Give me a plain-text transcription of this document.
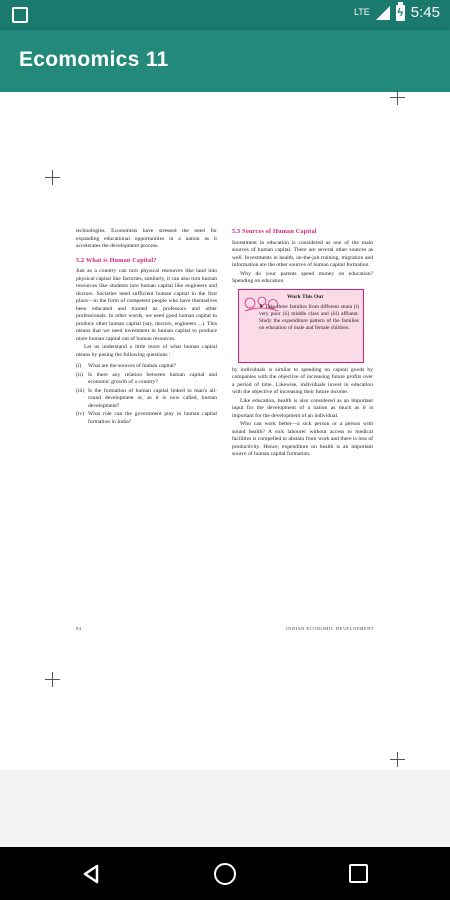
LTE	ϟ 5:45
Ecomomics 11

technologies. Economists have stressed the need for expanding educational opportunities in a nation as it accelerates the development process.

5.2 What is Human Capital?

Just as a country can turn physical resources like land into physical capital like factories, similarly, it can also turn human resources like students into human capital like engineers and doctors. Societies need sufficient human capital in the first place—in the form of competent people who have themselves been educated and trained as professors and other professionals. In other words, we need good human capital to produce other human capital (say, doctors, engineers ...). This means that we need investment in human capital to produce more human capital out of human resources.

Let us understand a little more of what human capital means by posing the following questions :

(i)	What are the sources of human capital?
(ii) Is there any relation between human capital and economic growth of a country?
(iii) Is the formation of human capital linked to man's all-round development or, as it is now called, human development?
(iv) What role can the government play in human capital formation in India?
5.3 Sources of Human Capital

Investment in education is considered as one of the main sources of human capital. There are several other sources as well. Investments in health, on-the-job training, migration and information are the other sources of human capital formation.

Why do your parents spend money on education? Spending on education

Work This Out
➤ Take three families from different strata (i) very poor (ii) middle class and (iii) affluent. Study the expenditure pattern of the families on education of male and female children.

by individuals is similar to spending on capital goods by companies with the objective of increasing future profits over a period of time. Likewise, individuals invest in education with the objective of increasing their future income.

Like education, health is also considered as an important input for the development of a nation as much as it is important for the development of an individual.

Who can work better—a sick person or a person with sound health? A sick labourer without access to medical facilities is compelled to abstain from work and there is loss of productivity. Hence, expenditure on health is an important source of human capital formation.

84	INDIAN ECONOMIC DEVELOPMENT
